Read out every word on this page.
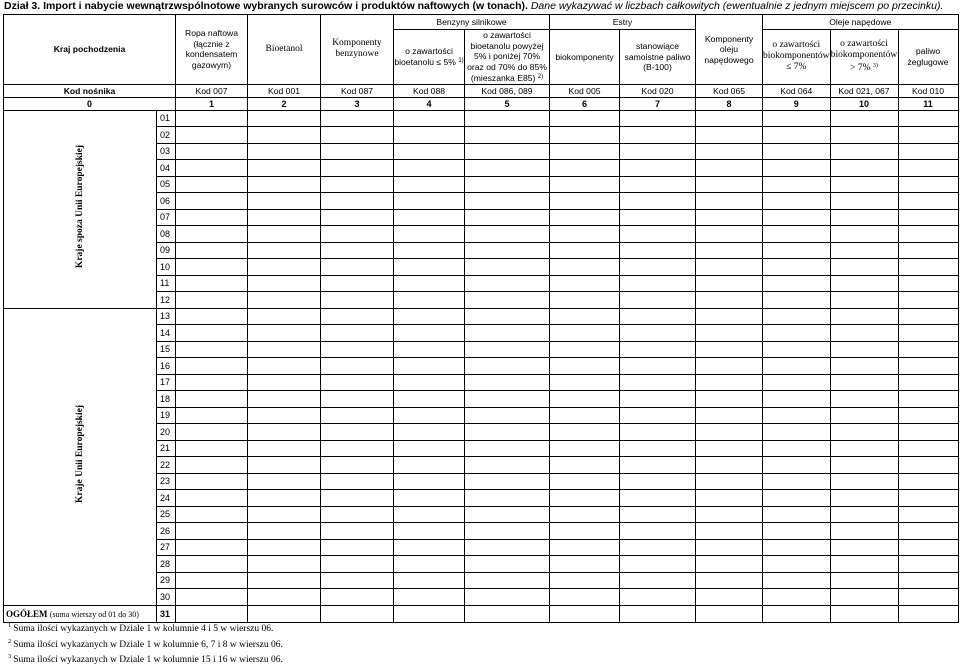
Dział 3. Import i nabycie wewnątrzwspólnotowe wybranych surowców i produktów naftowych (w tonach). Dane wykazywać w liczbach całkowitych (ewentualnie z jednym miejscem po przecinku).
Kraj pochodzenia		Ropa naftowa (łącznie z kondensatem gazowym)	Bioetanol	Komponenty benzynowe	Benzyny silnikowe		Estry		Komponenty oleju napędowego	Oleje napędowe		
					o zawartości bioetanolu ≤ 5% $^{1)}$	o zawartości bioetanolu powyżej 5% i poniżej 70% oraz od 70% do 85% (mieszanka E85) $^{2)}$	biokomponenty	stanowiące samoistne paliwo (B-100)		o zawartości biokomponentów ≤ 7%	o zawartości biokomponentów > 7% $^{3)}$	paliwo żeglugowe
Kod nośnika		Kod 007	Kod 001	Kod 087	Kod 088	Kod 086, 089	Kod 005	Kod 020	Kod 065	Kod 064	Kod 021, 067	Kod 010
0		1	2	3	4	5	6	7	8	9	10	11
Kraje spoza Unii Europejskiej	01											
	02											
	03											
	04											
	05											
	06											
	07											
	08											
	09											
	10											
	11											
	12											
Kraje Unii Europejskiej	13											
	14											
	15											
	16											
	17											
	18											
	19											
	20											
	21											
	22											
	23											
	24											
	25											
	26											
	27											
	28											
	29											
	30											
OGÓŁEM (suma wierszy od 01 do 30)	31											
$^1$ Suma ilości wykazanych w Dziale 1 w kolumnie 4 i 5 w wierszu 06.
$^2$ Suma ilości wykazanych w Dziale 1 w kolumnie 6, 7 i 8 w wierszu 06.
$^3$ Suma ilości wykazanych w Dziale 1 w kolumnie 15 i 16 w wierszu 06.
